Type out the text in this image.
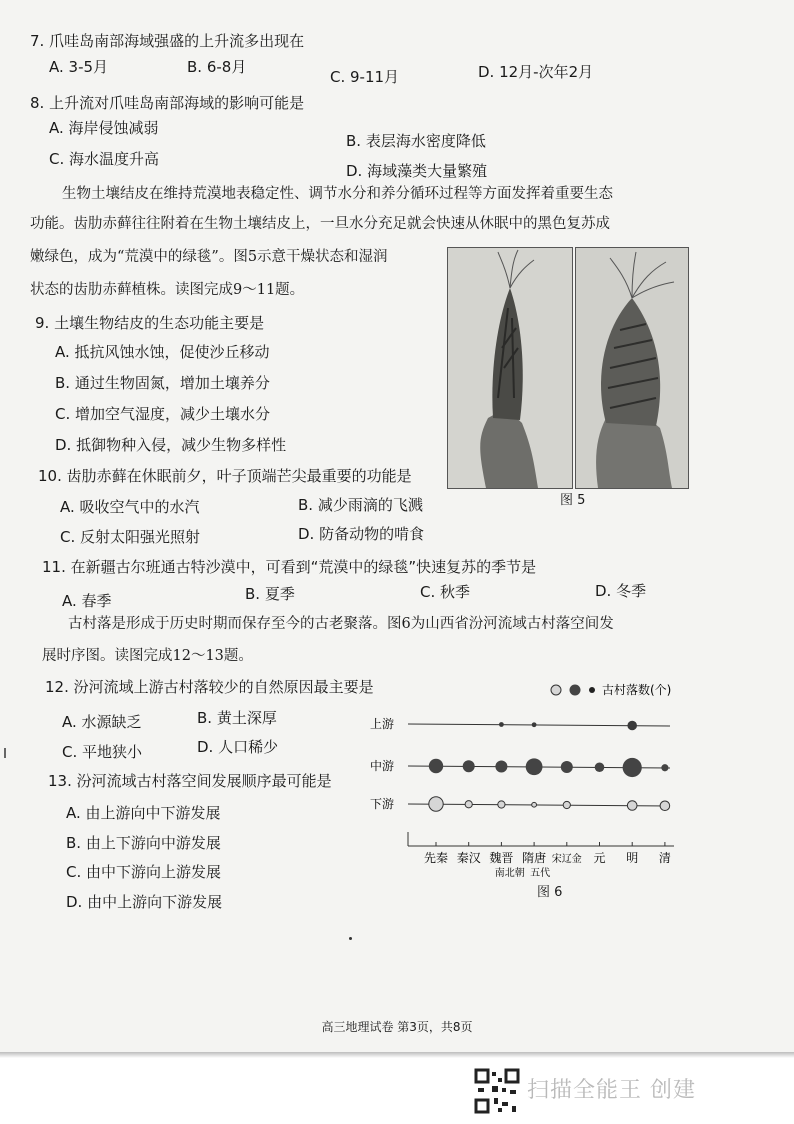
7. 爪哇岛南部海域强盛的上升流多出现在
A. 3-5月	B. 6-8月
C. 9-11月	D. 12月-次年2月
8. 上升流对爪哇岛南部海域的影响可能是
A. 海岸侵蚀减弱
B. 表层海水密度降低
C. 海水温度升高
D. 海域藻类大量繁殖
生物土壤结皮在维持荒漠地表稳定性、调节水分和养分循环过程等方面发挥着重要生态
功能。齿肋赤藓往往附着在生物土壤结皮上，一旦水分充足就会快速从休眠中的黑色复苏成
嫩绿色，成为“荒漠中的绿毯”。图5示意干燥状态和湿润
状态的齿肋赤藓植株。读图完成9～11题。
图 5
9. 土壤生物结皮的生态功能主要是
A. 抵抗风蚀水蚀，促使沙丘移动
B. 通过生物固氮，增加土壤养分
C. 增加空气湿度，减少土壤水分
D. 抵御物种入侵，减少生物多样性
10. 齿肋赤藓在休眠前夕，叶子顶端芒尖最重要的功能是
A. 吸收空气中的水汽	B. 减少雨滴的飞溅
C. 反射太阳强光照射	D. 防备动物的啃食
11. 在新疆古尔班通古特沙漠中，可看到“荒漠中的绿毯”快速复苏的季节是
A. 春季	B. 夏季	C. 秋季	D. 冬季
古村落是形成于历史时期而保存至今的古老聚落。图6为山西省汾河流域古村落空间发
展时序图。读图完成12～13题。
12. 汾河流域上游古村落较少的自然原因最主要是
A. 水源缺乏	B. 黄土深厚
C. 平地狭小	D. 人口稀少
13. 汾河流域古村落空间发展顺序最可能是
A. 由上游向中下游发展
B. 由上下游向中游发展
C. 由中下游向上游发展
D. 由中上游向下游发展
古村落数(个)
上游
中游
下游
先秦 秦汉 魏晋 隋唐 宋辽金 元 明 清
南北朝 五代
图 6
高三地理试卷 第3页，共8页
扫描全能王 创建
